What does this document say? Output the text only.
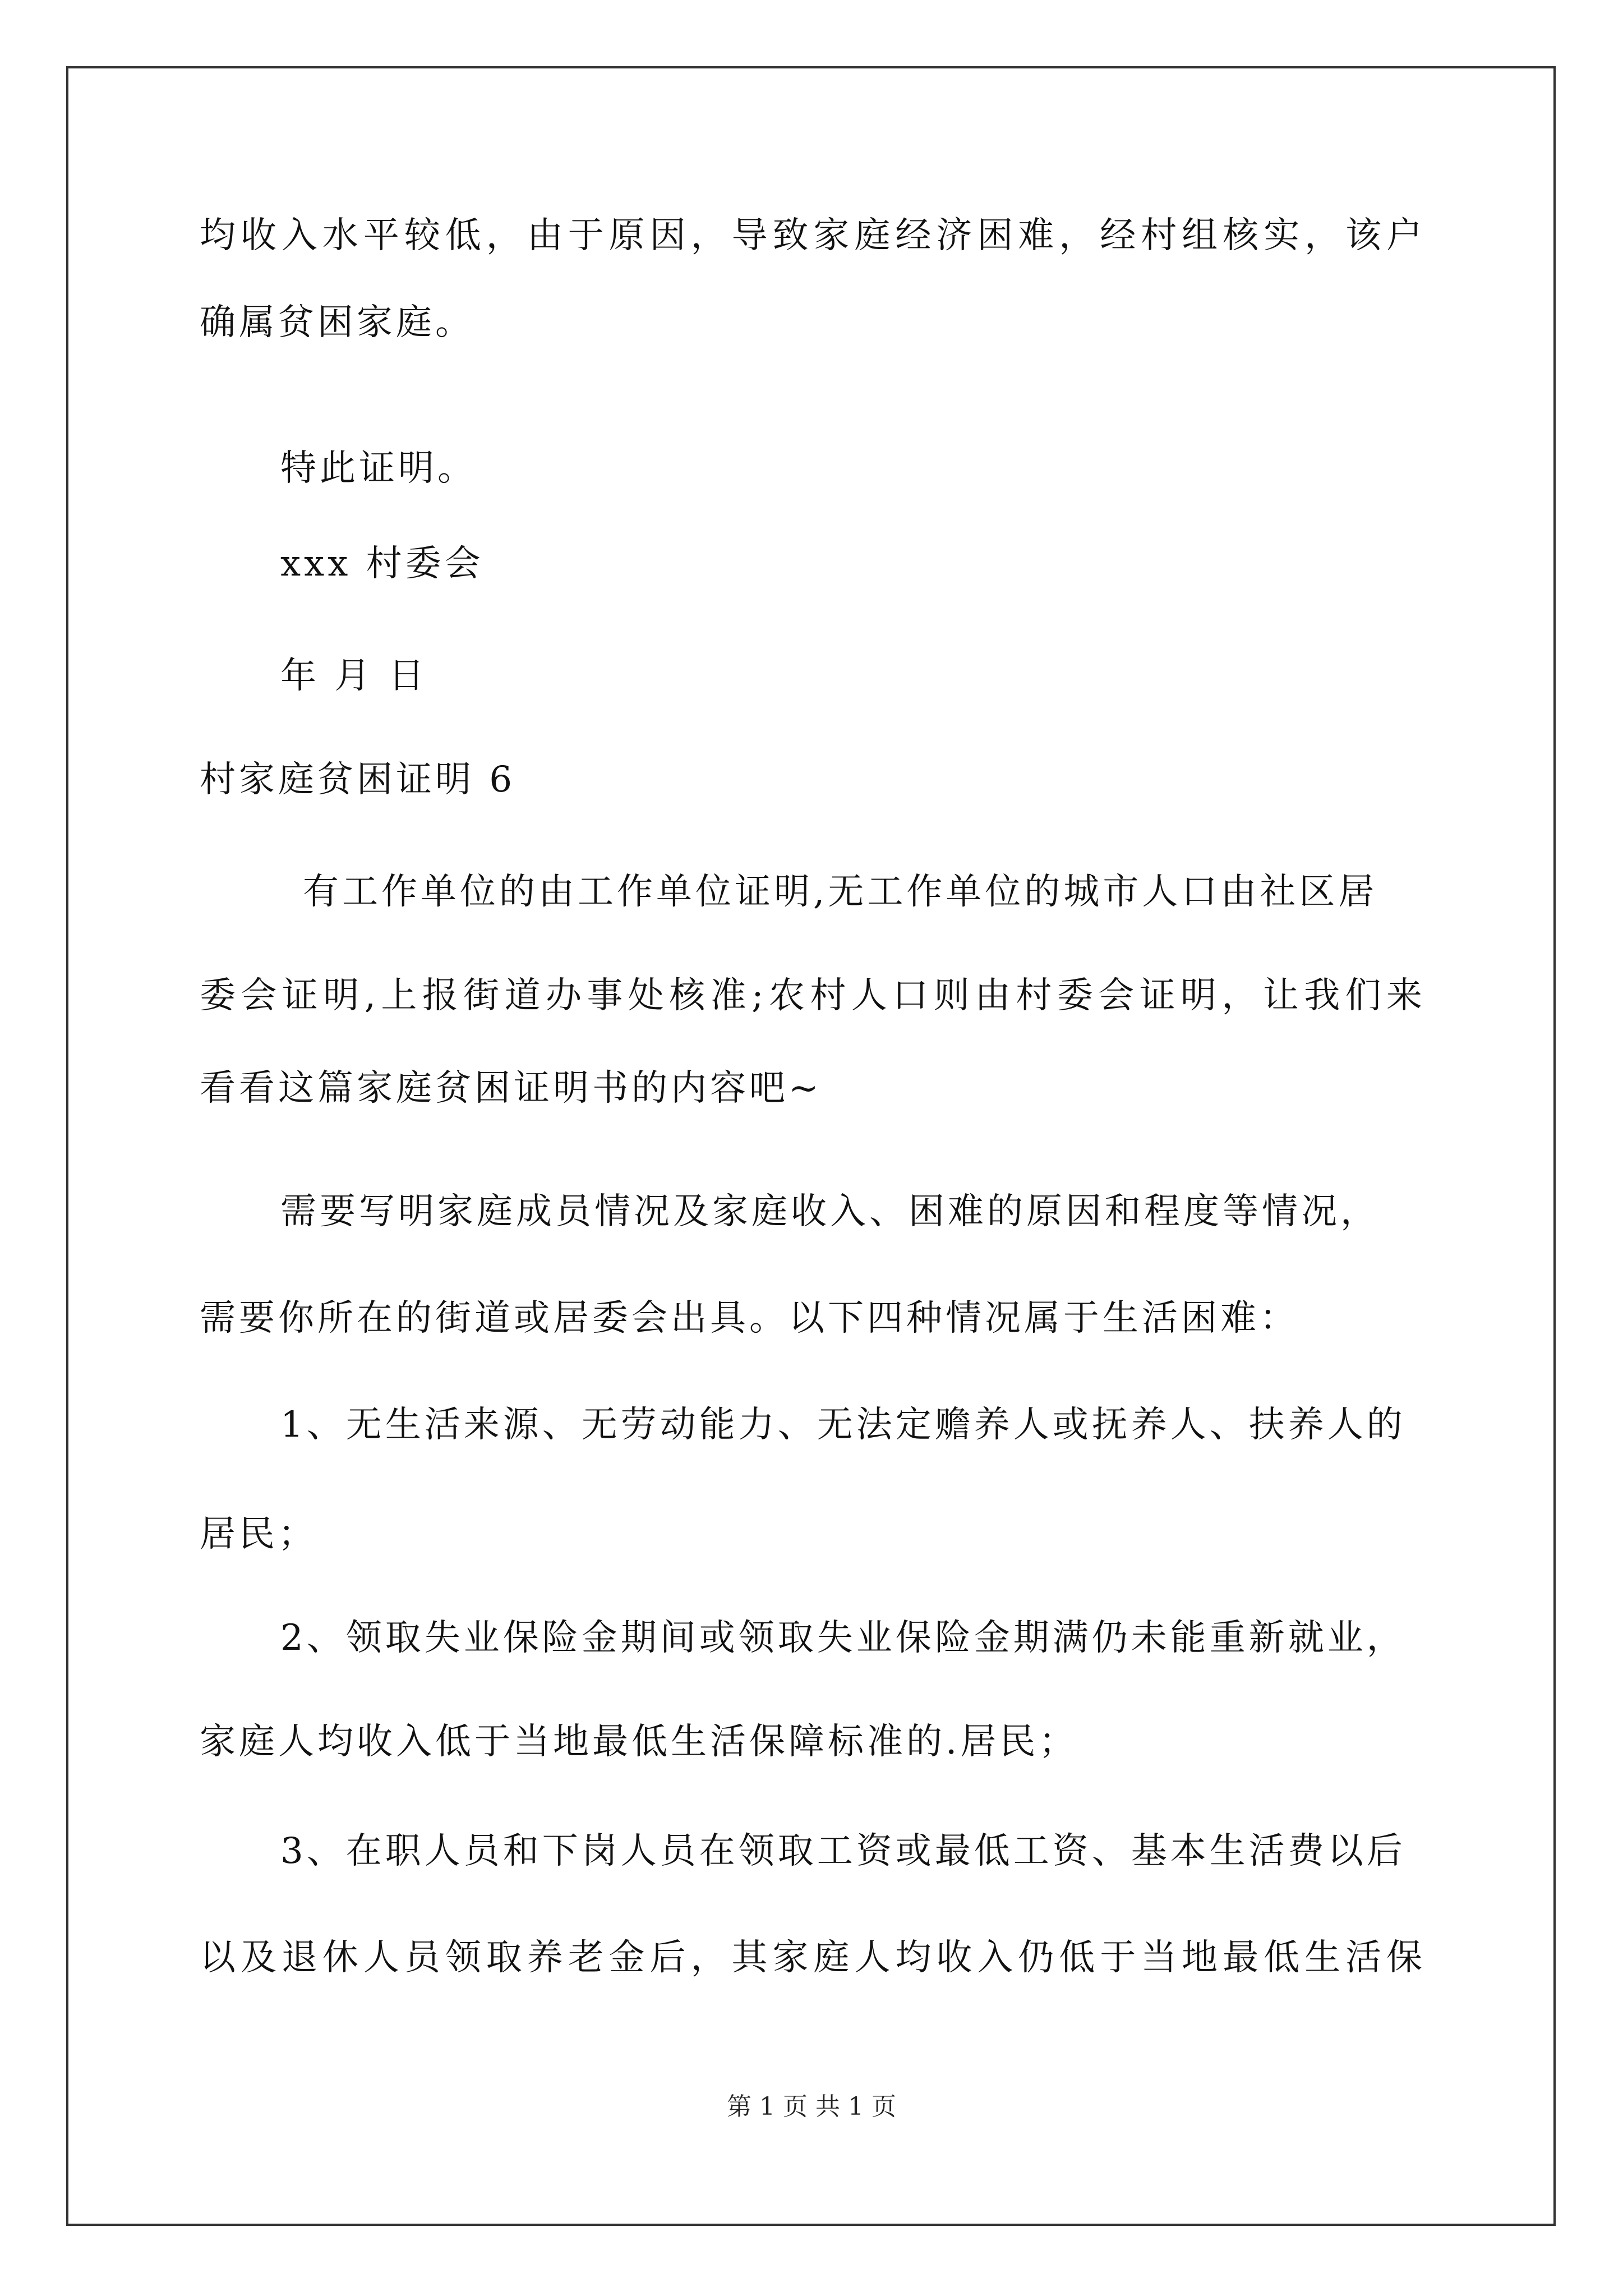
均收入水平较低，由于原因，导致家庭经济困难，经村组核实，该户
确属贫困家庭。
特此证明。
xxx 村委会
年 月 日
村家庭贫困证明 6
有工作单位的由工作单位证明,无工作单位的城市人口由社区居
委会证明,上报街道办事处核准;农村人口则由村委会证明，让我们来
看看这篇家庭贫困证明书的内容吧~
需要写明家庭成员情况及家庭收入、困难的原因和程度等情况，
需要你所在的街道或居委会出具。以下四种情况属于生活困难：
1、无生活来源、无劳动能力、无法定赡养人或抚养人、扶养人的
居民；
2、领取失业保险金期间或领取失业保险金期满仍未能重新就业，
家庭人均收入低于当地最低生活保障标准的.居民；
3、在职人员和下岗人员在领取工资或最低工资、基本生活费以后
以及退休人员领取养老金后，其家庭人均收入仍低于当地最低生活保
第 1 页 共 1 页
